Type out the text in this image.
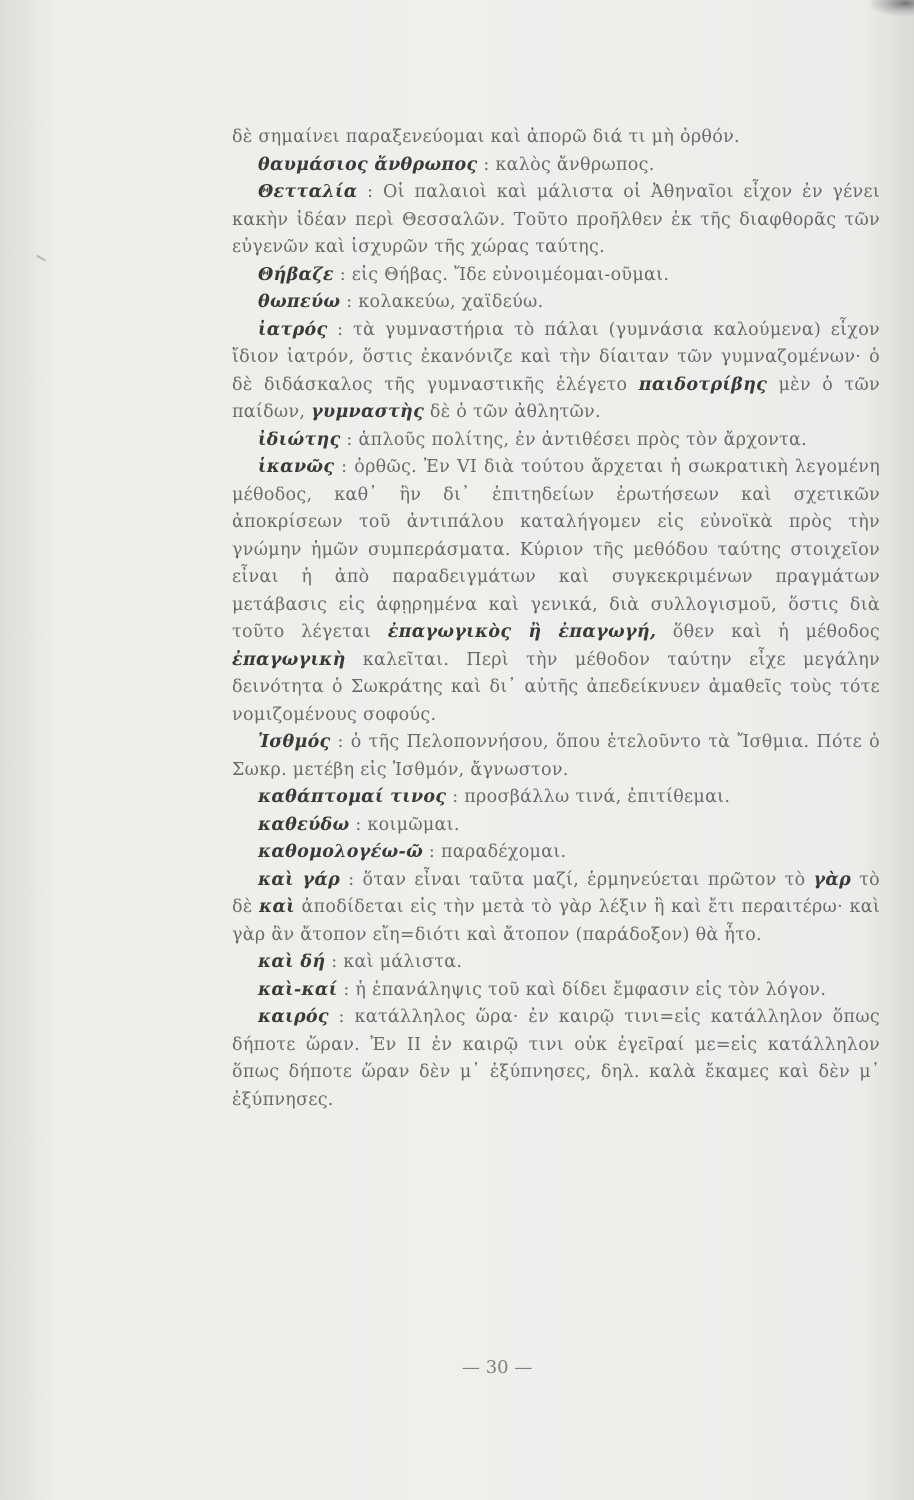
δὲ σημαίνει παραξενεύομαι καὶ ἀπορῶ διά τι μὴ ὀρθόν.

θαυμάσιος ἄνθρωπος : καλὸς ἄνθρωπος.

Θετταλία : Οἱ παλαιοὶ καὶ μάλιστα οἱ Ἀθηναῖοι εἶχον ἐν γένει κακὴν ἰδέαν περὶ Θεσσαλῶν. Τοῦτο προῆλθεν ἐκ τῆς διαφθορᾶς τῶν εὐγενῶν καὶ ἰσχυρῶν τῆς χώρας ταύτης.

Θήβαζε : εἰς Θήβας. Ἴδε εὐνοιμέομαι-οῦμαι.

θωπεύω : κολακεύω, χαϊδεύω.

ἰατρός : τὰ γυμναστήρια τὸ πάλαι (γυμνάσια καλούμενα) εἶχον ἴδιον ἰατρόν, ὅστις ἐκανόνιζε καὶ τὴν δίαιταν τῶν γυμναζομένων· ὁ δὲ διδάσκαλος τῆς γυμναστικῆς ἐλέγετο παιδοτρίβης μὲν ὁ τῶν παίδων, γυμναστὴς δὲ ὁ τῶν ἀθλητῶν.

ἰδιώτης : ἁπλοῦς πολίτης, ἐν ἀντιθέσει πρὸς τὸν ἄρχοντα.

ἱκανῶς : ὀρθῶς. Ἐν VI διὰ τούτου ἄρχεται ἡ σωκρατικὴ λεγομένη μέθοδος, καθ᾽ ἣν δι᾽ ἐπιτηδείων ἐρωτήσεων καὶ σχετικῶν ἀποκρίσεων τοῦ ἀντιπάλου καταλήγομεν εἰς εὐνοϊκὰ πρὸς τὴν γνώμην ἡμῶν συμπεράσματα. Κύριον τῆς μεθόδου ταύτης στοιχεῖον εἶναι ἡ ἀπὸ παραδειγμάτων καὶ συγκεκριμένων πραγμάτων μετάβασις εἰς ἀφῃρημένα καὶ γενικά, διὰ συλλογισμοῦ, ὅστις διὰ τοῦτο λέγεται ἐπαγωγικὸς ἢ ἐπαγωγή, ὅθεν καὶ ἡ μέθοδος ἐπαγωγικὴ καλεῖται. Περὶ τὴν μέθοδον ταύτην εἶχε μεγάλην δεινότητα ὁ Σωκράτης καὶ δι᾽ αὐτῆς ἀπεδείκνυεν ἀμαθεῖς τοὺς τότε νομιζομένους σοφούς.

Ἰσθμός : ὁ τῆς Πελοποννήσου, ὅπου ἐτελοῦντο τὰ Ἴσθμια. Πότε ὁ Σωκρ. μετέβη εἰς Ἰσθμόν, ἄγνωστον.

καθάπτομαί τινος : προσβάλλω τινά, ἐπιτίθεμαι.

καθεύδω : κοιμῶμαι.

καθομολογέω-ῶ : παραδέχομαι.

καὶ γάρ : ὅταν εἶναι ταῦτα μαζί, ἑρμηνεύεται πρῶτον τὸ γὰρ τὸ δὲ καὶ ἀποδίδεται εἰς τὴν μετὰ τὸ γὰρ λέξιν ἢ καὶ ἔτι περαιτέρω· καὶ γὰρ ἂν ἄτοπον εἴη=διότι καὶ ἄτοπον (παράδοξον) θὰ ἦτο.

καὶ δή : καὶ μάλιστα.

καὶ-καί : ἡ ἐπανάληψις τοῦ καὶ δίδει ἔμφασιν εἰς τὸν λόγον.

καιρός : κατάλληλος ὥρα· ἐν καιρῷ τινι=εἰς κατάλληλον ὅπως δήποτε ὥραν. Ἐν II ἐν καιρῷ τινι οὐκ ἐγεῖραί με=εἰς κατάλληλον ὅπως δήποτε ὥραν δὲν μ᾽ ἐξύπνησες, δηλ. καλὰ ἔκαμες καὶ δὲν μ᾽ ἐξύπνησες.

— 30 —
